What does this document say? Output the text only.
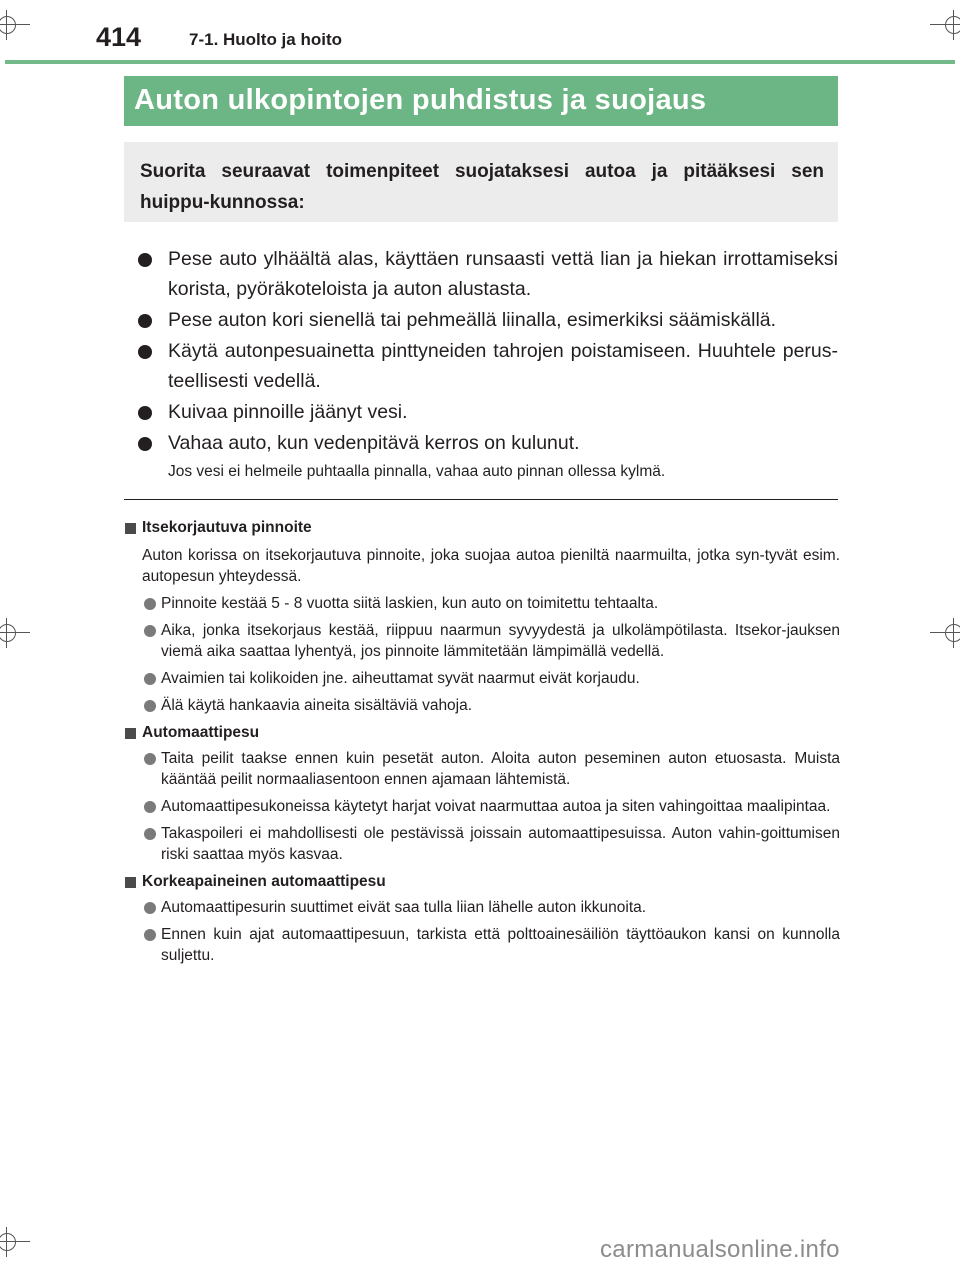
414	7-1. Huolto ja hoito
Auton ulkopintojen puhdistus ja suojaus
Suorita seuraavat toimenpiteet suojataksesi autoa ja pitääksesi sen huippu-kunnossa:
Pese auto ylhäältä alas, käyttäen runsaasti vettä lian ja hiekan irrottamiseksi korista, pyöräkoteloista ja auton alustasta.
Pese auton kori sienellä tai pehmeällä liinalla, esimerkiksi säämiskällä.
Käytä autonpesuainetta pinttyneiden tahrojen poistamiseen. Huuhtele perus-teellisesti vedellä.
Kuivaa pinnoille jäänyt vesi.
Vahaa auto, kun vedenpitävä kerros on kulunut.
Jos vesi ei helmeile puhtaalla pinnalla, vahaa auto pinnan ollessa kylmä.
Itsekorjautuva pinnoite
Auton korissa on itsekorjautuva pinnoite, joka suojaa autoa pieniltä naarmuilta, jotka syn-tyvät esim. autopesun yhteydessä.
Pinnoite kestää 5 - 8 vuotta siitä laskien, kun auto on toimitettu tehtaalta.
Aika, jonka itsekorjaus kestää, riippuu naarmun syvyydestä ja ulkolämpötilasta. Itsekor-jauksen viemä aika saattaa lyhentyä, jos pinnoite lämmitetään lämpimällä vedellä.
Avaimien tai kolikoiden jne. aiheuttamat syvät naarmut eivät korjaudu.
Älä käytä hankaavia aineita sisältäviä vahoja.
Automaattipesu
Taita peilit taakse ennen kuin pesetät auton. Aloita auton peseminen auton etuosasta. Muista kääntää peilit normaaliasentoon ennen ajamaan lähtemistä.
Automaattipesukoneissa käytetyt harjat voivat naarmuttaa autoa ja siten vahingoittaa maalipintaa.
Takaspoileri ei mahdollisesti ole pestävissä joissain automaattipesuissa. Auton vahin-goittumisen riski saattaa myös kasvaa.
Korkeapaineinen automaattipesu
Automaattipesurin suuttimet eivät saa tulla liian lähelle auton ikkunoita.
Ennen kuin ajat automaattipesuun, tarkista että polttoainesäiliön täyttöaukon kansi on kunnolla suljettu.
carmanualsonline.info
